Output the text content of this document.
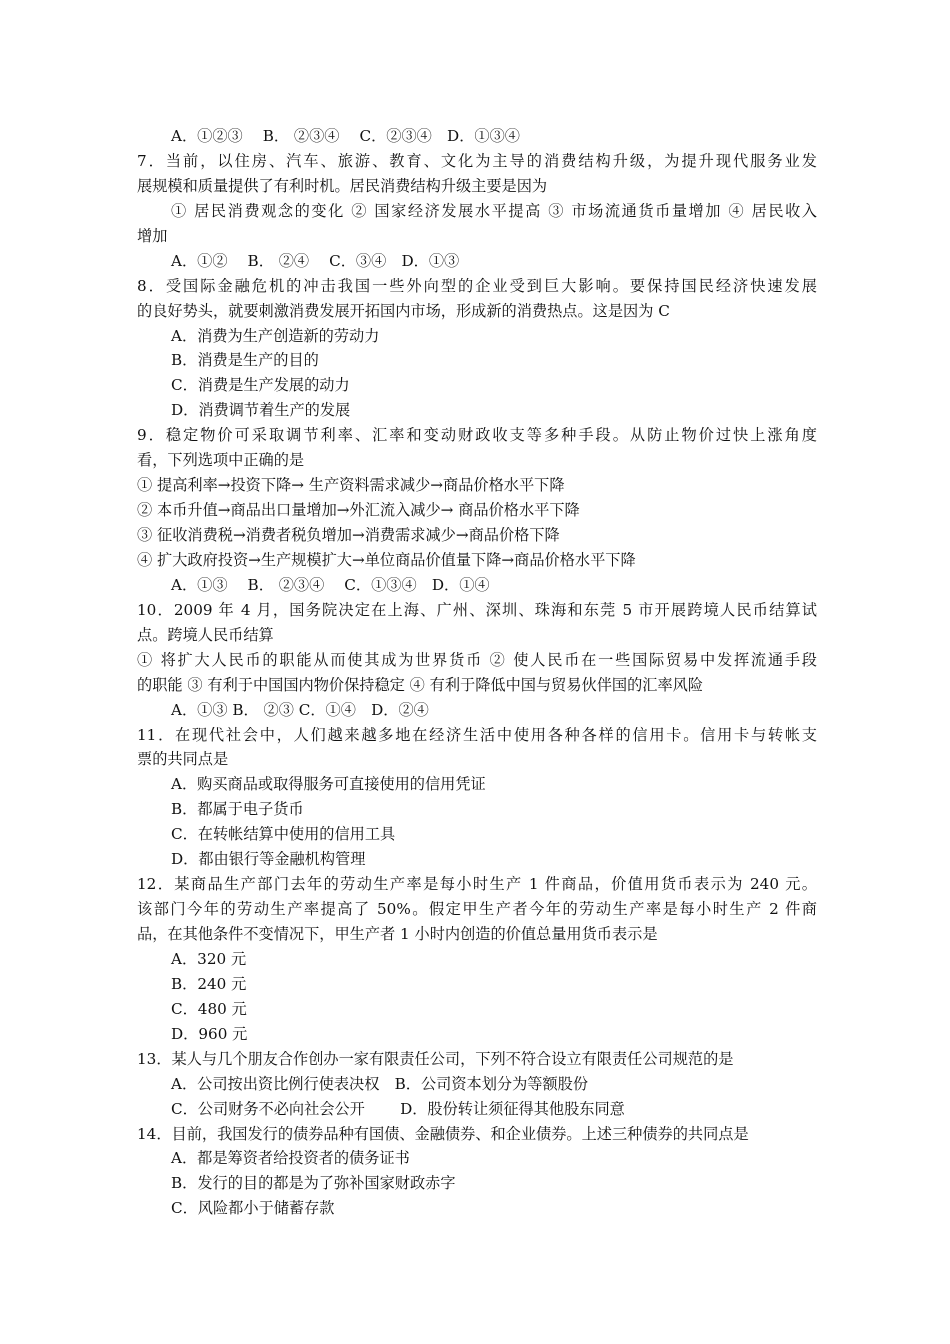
A．①②③　 B． ②③④　 C．②③④　D．①③④
7．当前，以住房、汽车、旅游、教育、文化为主导的消费结构升级，为提升现代服务业发
展规模和质量提供了有利时机。居民消费结构升级主要是因为
① 居民消费观念的变化 ② 国家经济发展水平提高 ③ 市场流通货币量增加 ④ 居民收入
增加
A．①②　 B． ②④　 C．③④　D．①③
8．受国际金融危机的冲击我国一些外向型的企业受到巨大影响。要保持国民经济快速发展
的良好势头，就要刺激消费发展开拓国内市场，形成新的消费热点。这是因为 C
A．消费为生产创造新的劳动力
B．消费是生产的目的
C．消费是生产发展的动力
D．消费调节着生产的发展
9．稳定物价可采取调节利率、汇率和变动财政收支等多种手段。从防止物价过快上涨角度
看，下列选项中正确的是
① 提高利率→投资下降→ 生产资料需求减少→商品价格水平下降
② 本币升值→商品出口量增加→外汇流入减少→ 商品价格水平下降
③ 征收消费税→消费者税负增加→消费需求减少→商品价格下降
④ 扩大政府投资→生产规模扩大→单位商品价值量下降→商品价格水平下降
A．①③　 B． ②③④　 C．①③④　D．①④
10．2009 年 4 月，国务院决定在上海、广州、深圳、珠海和东莞 5 市开展跨境人民币结算试
点。跨境人民币结算
① 将扩大人民币的职能从而使其成为世界货币 ② 使人民币在一些国际贸易中发挥流通手段
的职能 ③ 有利于中国国内物价保持稳定 ④ 有利于降低中国与贸易伙伴国的汇率风险
A．①③ B． ②③ C．①④　D．②④
11．在现代社会中，人们越来越多地在经济生活中使用各种各样的信用卡。信用卡与转帐支
票的共同点是
A．购买商品或取得服务可直接使用的信用凭证
B．都属于电子货币
C．在转帐结算中使用的信用工具
D．都由银行等金融机构管理
12．某商品生产部门去年的劳动生产率是每小时生产 1 件商品，价值用货币表示为 240 元。
该部门今年的劳动生产率提高了 50%。假定甲生产者今年的劳动生产率是每小时生产 2 件商
品，在其他条件不变情况下，甲生产者 1 小时内创造的价值总量用货币表示是
A．320 元
B．240 元
C．480 元
D．960 元
13．某人与几个朋友合作创办一家有限责任公司，下列不符合设立有限责任公司规范的是
A．公司按出资比例行使表决权　B．公司资本划分为等额股份
C．公司财务不必向社会公开　　 D．股份转让须征得其他股东同意
14．目前，我国发行的债券品种有国债、金融债券、和企业债券。上述三种债券的共同点是
A．都是筹资者给投资者的债务证书
B．发行的目的都是为了弥补国家财政赤字
C．风险都小于储蓄存款
